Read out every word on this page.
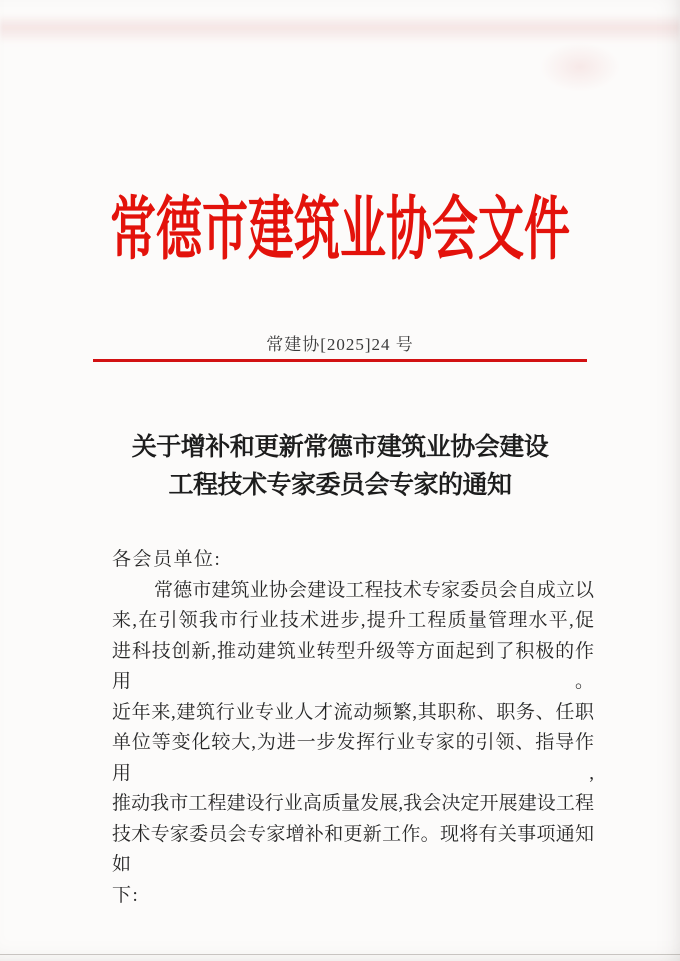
常德市建筑业协会文件
常建协[2025]24 号
关于增补和更新常德市建筑业协会建设
工程技术专家委员会专家的通知
各会员单位:
常德市建筑业协会建设工程技术专家委员会自成立以
来,在引领我市行业技术进步,提升工程质量管理水平,促
进科技创新,推动建筑业转型升级等方面起到了积极的作用。
近年来,建筑行业专业人才流动频繁,其职称、职务、任职
单位等变化较大,为进一步发挥行业专家的引领、指导作用,
推动我市工程建设行业高质量发展,我会决定开展建设工程
技术专家委员会专家增补和更新工作。现将有关事项通知如
下:
